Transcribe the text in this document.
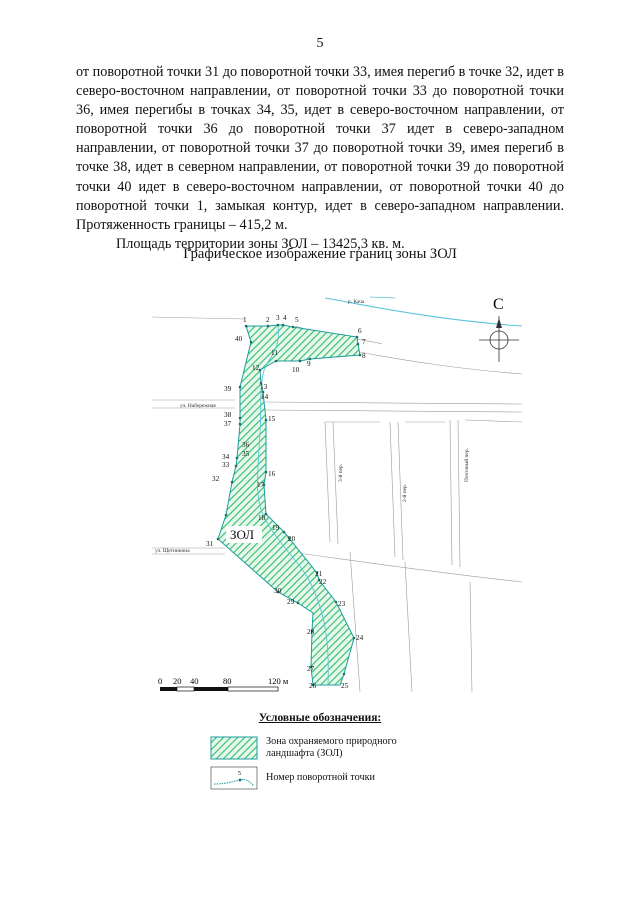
5

от поворотной точки 31 до поворотной точки 33, имея перегиб в точке 32, идет в северо-восточном направлении, от поворотной точки 33 до поворотной точки 36, имея перегибы в точках 34, 35, идет в северо-восточном направлении, от поворотной точки 36 до поворотной точки 37 идет в северо-западном направлении, от поворотной точки 37 до поворотной точки 39, имея перегиб в точке 38, идет в северном направлении, от поворотной точки 39 до поворотной точки 40 идет в северо-восточном направлении, от поворотной точки 40 до поворотной точки 1, замыкая контур, идет в северо-западном направлении. Протяженность границы – 415,2 м.

Площадь территории зоны ЗОЛ – 13425,3 кв. м.

Графическое изображение границ зоны ЗОЛ
р. Кача
ул. Набережная
ул. Щетинкина
3-й пер.
2-й пер.
Почтовый пер.
1	2 3 4 5
6
7
8
9
10
11
12
13
14
15
16
17
18
19
20
21
22
23
24
25
26
27
28
29
30
31
32
33
34 35
36
37
38
39
40
ЗОЛ
С
0 20 40	80	120 м
Условные обозначения:
Зона охраняемого природного ландшафта (ЗОЛ)
5 Номер поворотной точки
